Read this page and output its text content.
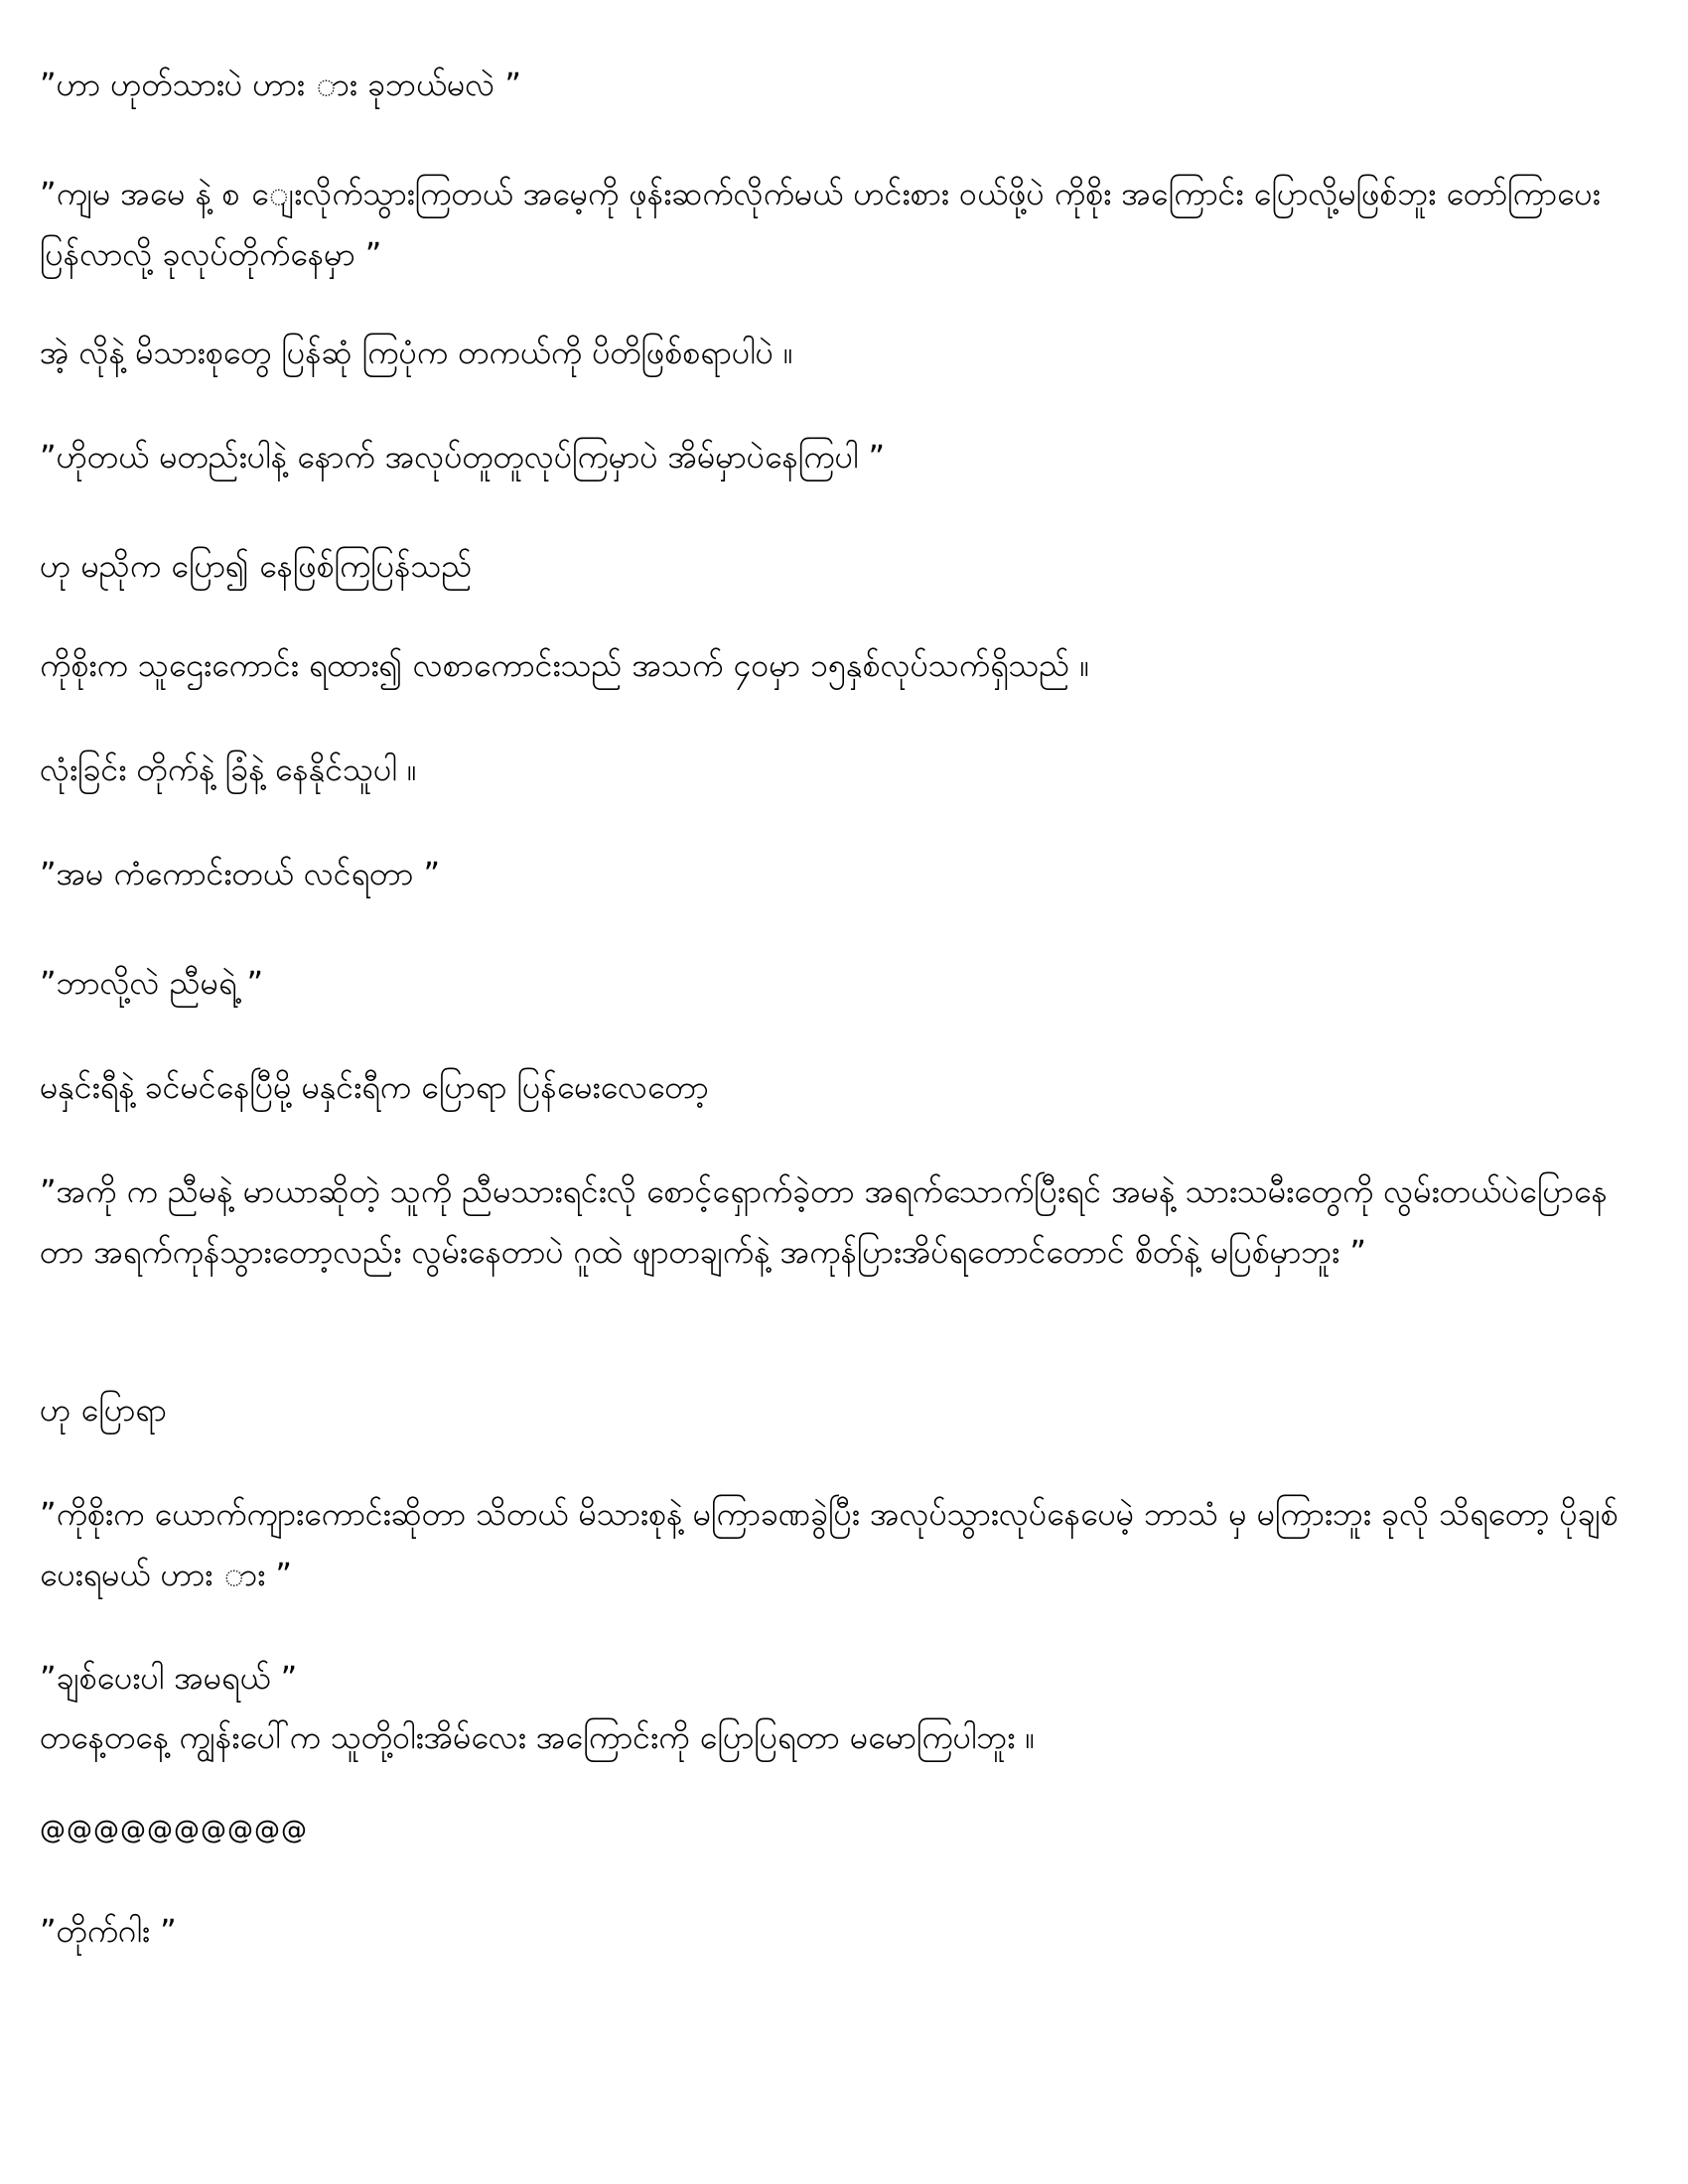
”ဟာ ဟုတ်သားပဲ ဟား ား ခုဘယ်မလဲ ”
”ကျမ အမေ နဲ့ စ ျေးလိုက်သွားကြတယ် အမေ့ကို ဖုန်းဆက်လိုက်မယ် ဟင်းစား ဝယ်ဖို့ပဲ ကိုစိုး အကြောင်း ပြောလို့မဖြစ်ဘူး တော်ကြာပေးပြန်လာလို့ ခုလုပ်တိုက်နေမှာ ”
အဲ့ လိုနဲ့ မိသားစုတွေ ပြန်ဆုံ ကြပုံက တကယ်ကို ပိတိဖြစ်စရာပါပဲ ။
”ဟိုတယ် မတည်းပါနဲ့ နောက် အလုပ်တူတူလုပ်ကြမှာပဲ အိမ်မှာပဲနေကြပါ ”
ဟု မညိုက ပြော၍ နေဖြစ်ကြပြန်သည်
ကိုစိုးက သူဌေးကောင်း ရထား၍ လစာကောင်းသည် အသက် ၄၀မှာ ၁၅နှစ်လုပ်သက်ရှိသည် ။
လုံးခြင်း တိုက်နဲ့ ခြံနဲ့ နေနိုင်သူပါ ။
”အမ ကံကောင်းတယ် လင်ရတာ ”
”ဘာလို့လဲ ညီမရဲ့ ”
မနှင်းရီနဲ့ ခင်မင်နေပြီမို့ မနှင်းရီက ပြောရာ ပြန်မေးလေတော့
”အကို က ညီမနဲ့ မာယာဆိုတဲ့ သူကို ညီမသားရင်းလို စောင့်ရှောက်ခဲ့တာ အရက်သောက်ပြီးရင် အမနဲ့ သားသမီးတွေကို လွမ်းတယ်ပဲပြောနေတာ အရက်ကုန်သွားတော့လည်း လွမ်းနေတာပဲ ဂူထဲ ဖျာတချက်နဲ့ အကုန်ပြားအိပ်ရတောင်တောင် စိတ်နဲ့ မပြစ်မှာဘူး ”
ဟု ပြောရာ
”ကိုစိုးက ယောက်ကျားကောင်းဆိုတာ သိတယ် မိသားစုနဲ့ မကြာခဏခွဲပြီး အလုပ်သွားလုပ်နေပေမဲ့ ဘာသံ မှ မကြားဘူး ခုလို သိရတော့ ပိုချစ်ပေးရမယ် ဟား ား ”
”ချစ်ပေးပါ အမရယ် ”
တနေ့တနေ့ ကျွန်းပေါ်က သူတို့ဝါးအိမ်လေး အကြောင်းကို ပြောပြရတာ မမောကြပါဘူး ။
@@@@@@@@@@
”တိုက်ဂါး ”
